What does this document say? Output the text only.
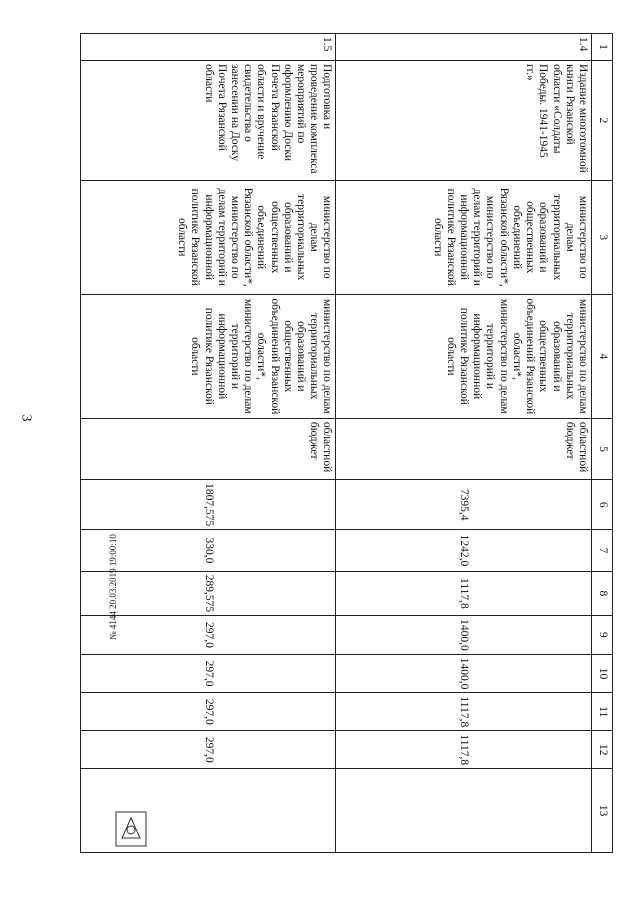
3
1	2	3	4	5	6	7	8	9	10	11	12	13
1.4	Издание многотомной книги Рязанской области «Солдаты Победы. 1941-1945 гг.»	министерство по делам территориальных образований и общественных объединений Рязанской области*, министерство по делам территорий и информационной политике Рязанской области	министерство по делам территориальных образований и общественных объединений Рязанской области*, министерство по делам территорий и информационной политике Рязанской области	областной бюджет	7395,4	1242,0	1117,8	1400,0	1400,0	1117,8	1117,8	
1.5	Подготовка и проведение комплекса мероприятий по оформлению Доски Почета Рязанской области и вручение свидетельства о занесении на Доску Почета Рязанской области	министерство по делам территориальных образований и общественных объединений Рязанской области*, министерство по делам территорий и информационной политике Рязанской области	министерство по делам территориальных образований и общественных объединений Рязанской области*, министерство по делам территорий и информационной политике Рязанской области	областной бюджет	1807,575	330,0	289,575	297,0	297,0	297,0	297,0	
№ 4144 20.03.2019 19:00:10
